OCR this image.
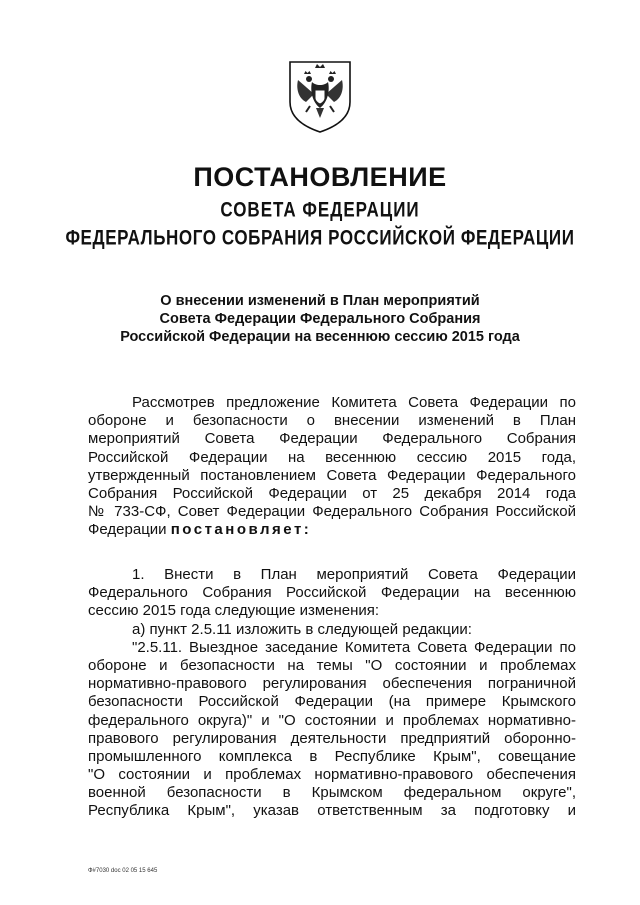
ПОСТАНОВЛЕНИЕ
СОВЕТА ФЕДЕРАЦИИ
ФЕДЕРАЛЬНОГО СОБРАНИЯ РОССИЙСКОЙ ФЕДЕРАЦИИ
О внесении изменений в План мероприятий
Совета Федерации Федерального Собрания
Российской Федерации на весеннюю сессию 2015 года
Рассмотрев предложение Комитета Совета Федерации по
обороне и безопасности о внесении изменений в План
мероприятий Совета Федерации Федерального Собрания
Российской Федерации на весеннюю сессию 2015 года,
утвержденный постановлением Совета Федерации Федерального
Собрания Российской Федерации от 25 декабря 2014 года
№ 733-СФ, Совет Федерации Федерального Собрания Российской
Федерации постановляет:
1. Внести в План мероприятий Совета Федерации
Федерального Собрания Российской Федерации на весеннюю
сессию 2015 года следующие изменения:
а) пункт 2.5.11 изложить в следующей редакции:
"2.5.11. Выездное заседание Комитета Совета Федерации по
обороне и безопасности на темы "О состоянии и проблемах
нормативно-правового регулирования обеспечения пограничной
безопасности Российской Федерации (на примере Крымского
федерального округа)" и "О состоянии и проблемах нормативно-
правового регулирования деятельности предприятий оборонно-
промышленного комплекса в Республике Крым", совещание
"О состоянии и проблемах нормативно-правового обеспечения
военной безопасности в Крымском федеральном округе",
Республика Крым", указав ответственным за подготовку и
Ф#7030 doc 02 05 15 645
